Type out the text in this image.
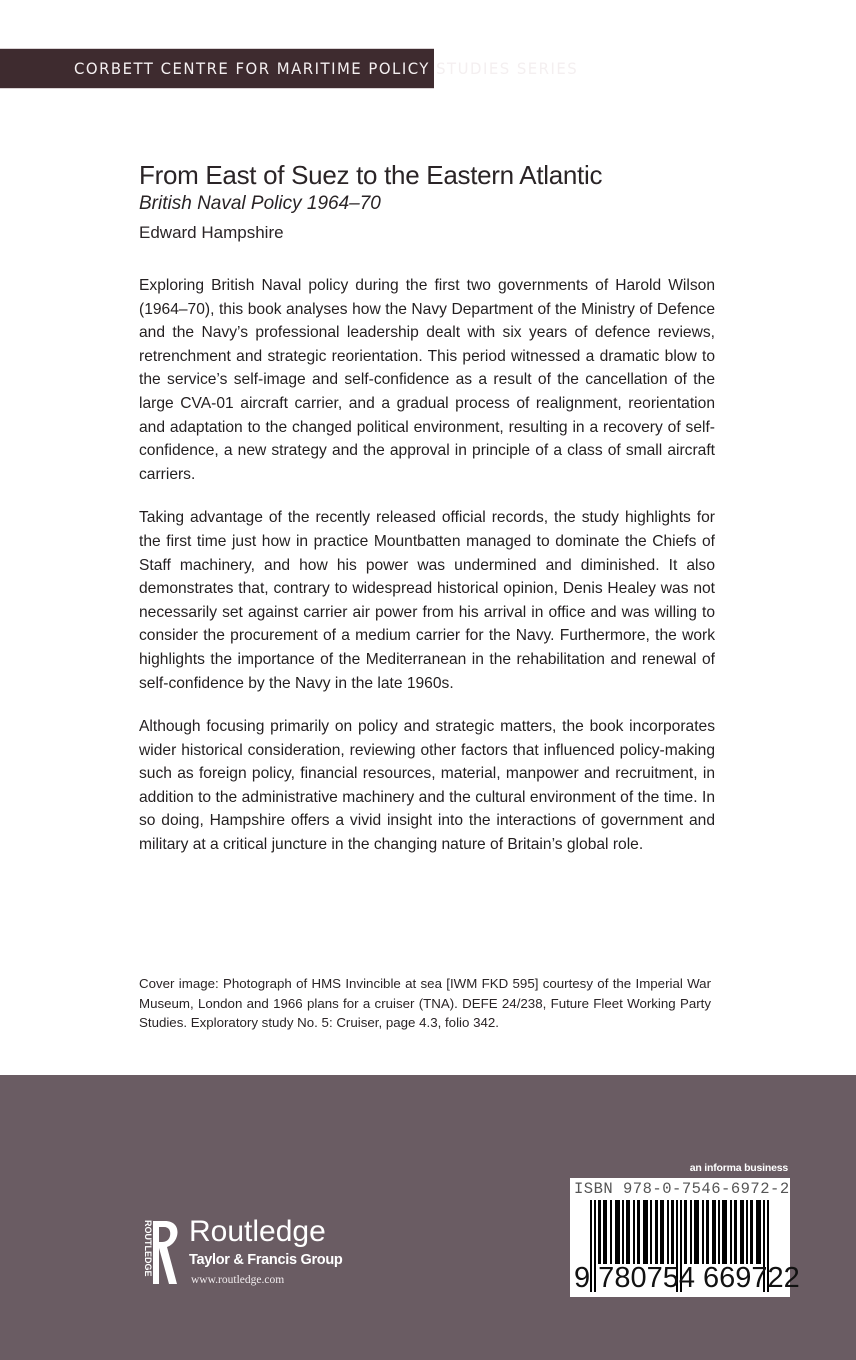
CORBETT CENTRE FOR MARITIME POLICY STUDIES SERIES
From East of Suez to the Eastern Atlantic

British Naval Policy 1964–70

Edward Hampshire

Exploring British Naval policy during the first two governments of Harold Wilson (1964–70), this book analyses how the Navy Department of the Ministry of Defence and the Navy’s professional leadership dealt with six years of defence reviews, retrenchment and strategic reorientation. This period witnessed a dramatic blow to the service’s self-image and self-confidence as a result of the cancellation of the large CVA-01 aircraft carrier, and a gradual process of realignment, reorientation and adaptation to the changed political environment, resulting in a recovery of self-confidence, a new strategy and the approval in principle of a class of small aircraft carriers.

Taking advantage of the recently released official records, the study highlights for the first time just how in practice Mountbatten managed to dominate the Chiefs of Staff machinery, and how his power was undermined and diminished. It also demonstrates that, contrary to widespread historical opinion, Denis Healey was not necessarily set against carrier air power from his arrival in office and was willing to consider the procurement of a medium carrier for the Navy. Furthermore, the work highlights the importance of the Mediterranean in the rehabilitation and renewal of self-confidence by the Navy in the late 1960s.

Although focusing primarily on policy and strategic matters, the book incorporates wider historical consideration, reviewing other factors that influenced policy-making such as foreign policy, financial resources, material, manpower and recruitment, in addition to the administrative machinery and the cultural environment of the time. In so doing, Hampshire offers a vivid insight into the interactions of government and military at a critical juncture in the changing nature of Britain’s global role.

Cover image: Photograph of HMS Invincible at sea [IWM FKD 595] courtesy of the Imperial War Museum, London and 1966 plans for a cruiser (TNA). DEFE 24/238, Future Fleet Working Party Studies. Exploratory study No. 5: Cruiser, page 4.3, folio 342.
ROUTLEDGE Routledge
Taylor & Francis Group
www.routledge.com
an informa business
ISBN 978-0-7546-6972-2
9 780754 669722
